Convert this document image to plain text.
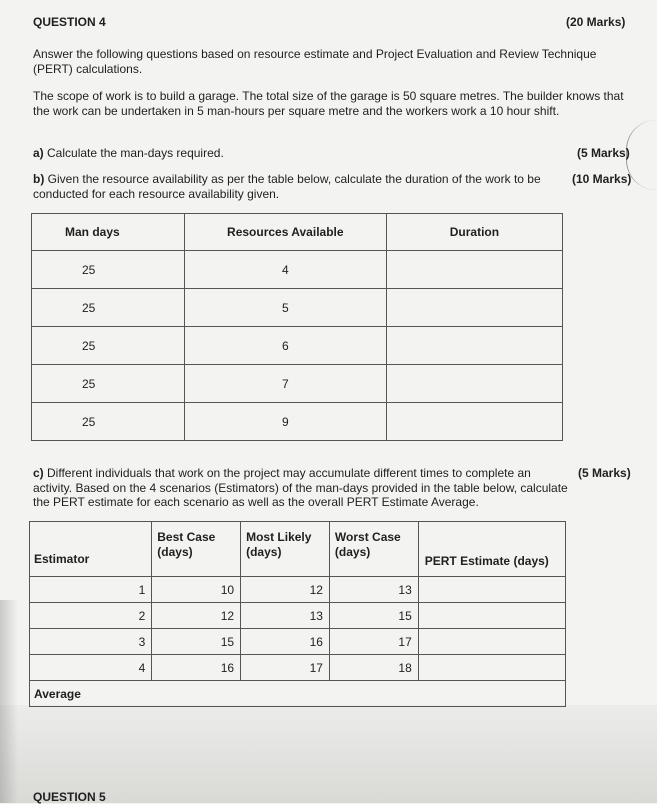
QUESTION 4	(20 Marks)
Answer the following questions based on resource estimate and Project Evaluation and Review Technique (PERT) calculations.
The scope of work is to build a garage. The total size of the garage is 50 square metres. The builder knows that the work can be undertaken in 5 man-hours per square metre and the workers work a 10 hour shift.
a) Calculate the man-days required.	(5 Marks)
b) Given the resource availability as per the table below, calculate the duration of the work to be conducted for each resource availability given.
(10 Marks)
Man days	Resources Available	Duration
25	4	
25	5	
25	6	
25	7	
25	9	
c) Different individuals that work on the project may accumulate different times to complete an activity. Based on the 4 scenarios (Estimators) of the man-days provided in the table below, calculate the PERT estimate for each scenario as well as the overall PERT Estimate Average.
(5 Marks)
Estimator	Best Case (days)	Most Likely (days)	Worst Case (days)	PERT Estimate (days)
1	10	12	13	
2	12	13	15	
3	15	16	17	
4	16	17	18	
Average				
QUESTION 5
